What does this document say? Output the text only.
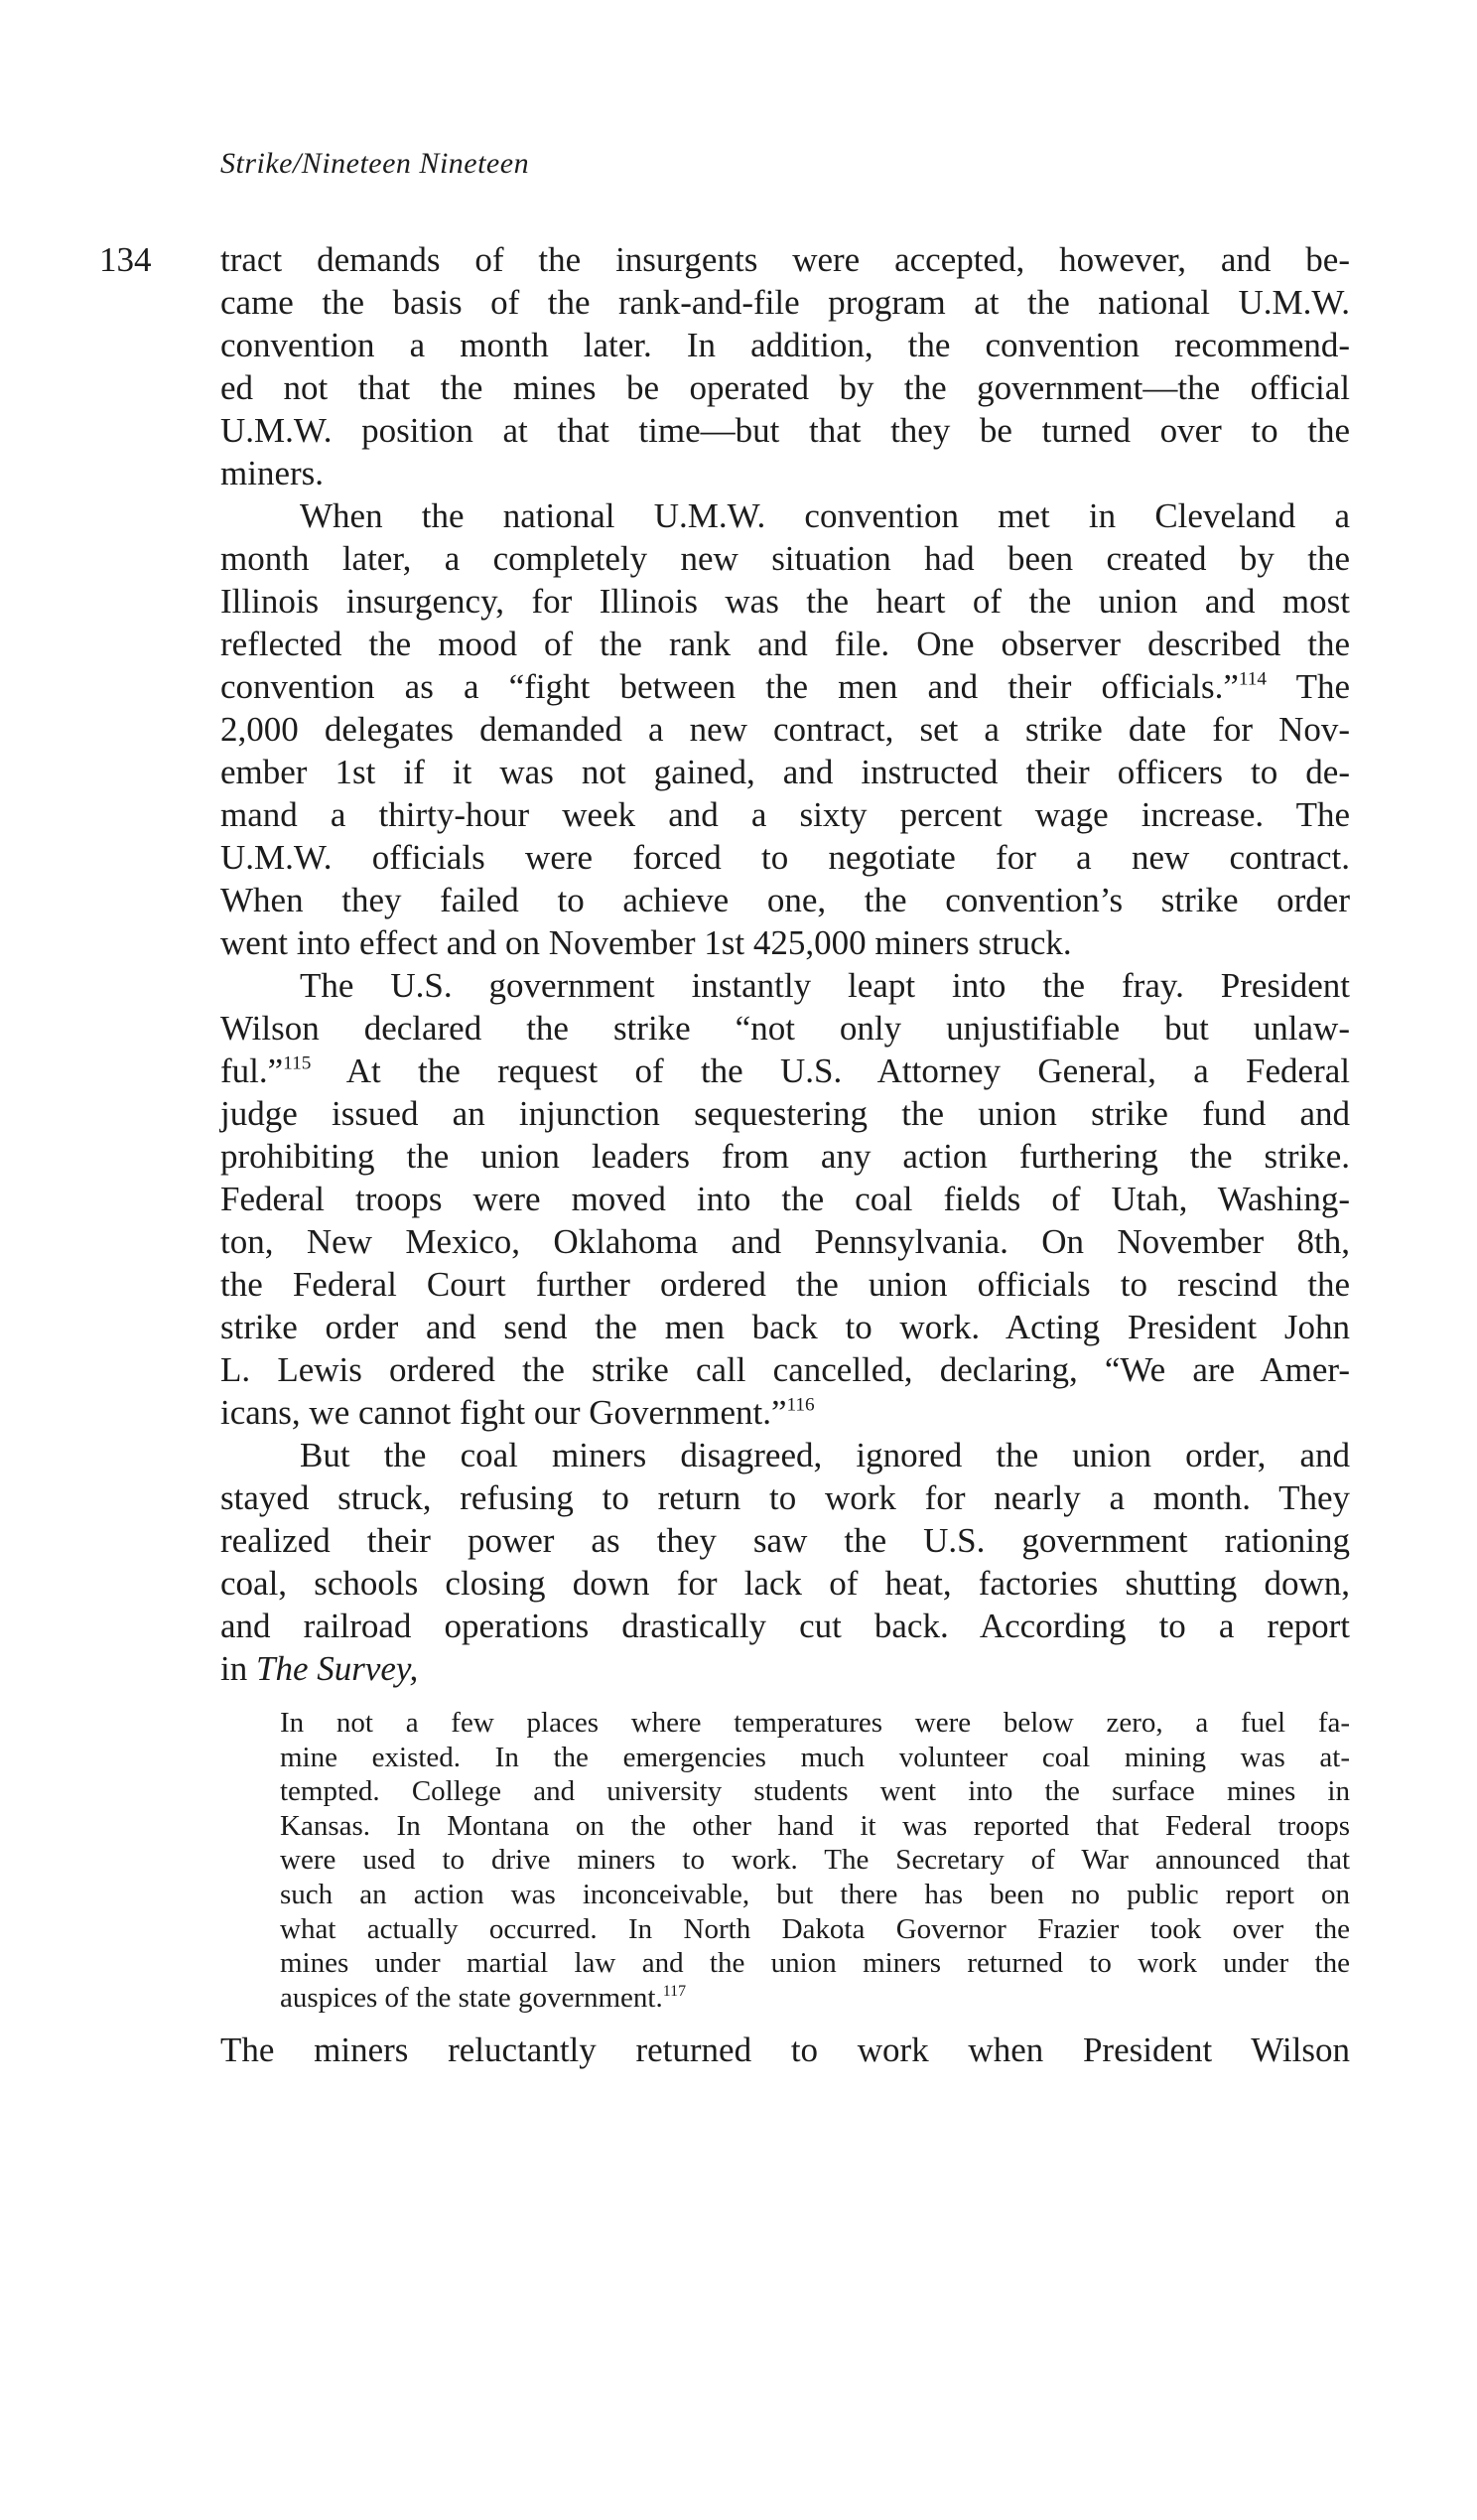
Strike/Nineteen Nineteen
134 tract demands of the insurgents were accepted, however, and be-
came the basis of the rank-and-file program at the national U.M.W.
convention a month later. In addition, the convention recommend-
ed not that the mines be operated by the government—the official
U.M.W. position at that time—but that they be turned over to the
miners.
When the national U.M.W. convention met in Cleveland a
month later, a completely new situation had been created by the
Illinois insurgency, for Illinois was the heart of the union and most
reflected the mood of the rank and file. One observer described the
convention as a “fight between the men and their officials.”$^{114}$ The
2,000 delegates demanded a new contract, set a strike date for Nov-
ember 1st if it was not gained, and instructed their officers to de-
mand a thirty-hour week and a sixty percent wage increase. The
U.M.W. officials were forced to negotiate for a new contract.
When they failed to achieve one, the convention’s strike order
went into effect and on November 1st 425,000 miners struck.
The U.S. government instantly leapt into the fray. President
Wilson declared the strike “not only unjustifiable but unlaw-
ful.”$^{115}$ At the request of the U.S. Attorney General, a Federal
judge issued an injunction sequestering the union strike fund and
prohibiting the union leaders from any action furthering the strike.
Federal troops were moved into the coal fields of Utah, Washing-
ton, New Mexico, Oklahoma and Pennsylvania. On November 8th,
the Federal Court further ordered the union officials to rescind the
strike order and send the men back to work. Acting President John
L. Lewis ordered the strike call cancelled, declaring, “We are Amer-
icans, we cannot fight our Government.”$^{116}$
But the coal miners disagreed, ignored the union order, and
stayed struck, refusing to return to work for nearly a month. They
realized their power as they saw the U.S. government rationing
coal, schools closing down for lack of heat, factories shutting down,
and railroad operations drastically cut back. According to a report
in The Survey,
In not a few places where temperatures were below zero, a fuel fa-
mine existed. In the emergencies much volunteer coal mining was at-
tempted. College and university students went into the surface mines in
Kansas. In Montana on the other hand it was reported that Federal troops
were used to drive miners to work. The Secretary of War announced that
such an action was inconceivable, but there has been no public report on
what actually occurred. In North Dakota Governor Frazier took over the
mines under martial law and the union miners returned to work under the
auspices of the state government.$^{117}$
The miners reluctantly returned to work when President Wilson
